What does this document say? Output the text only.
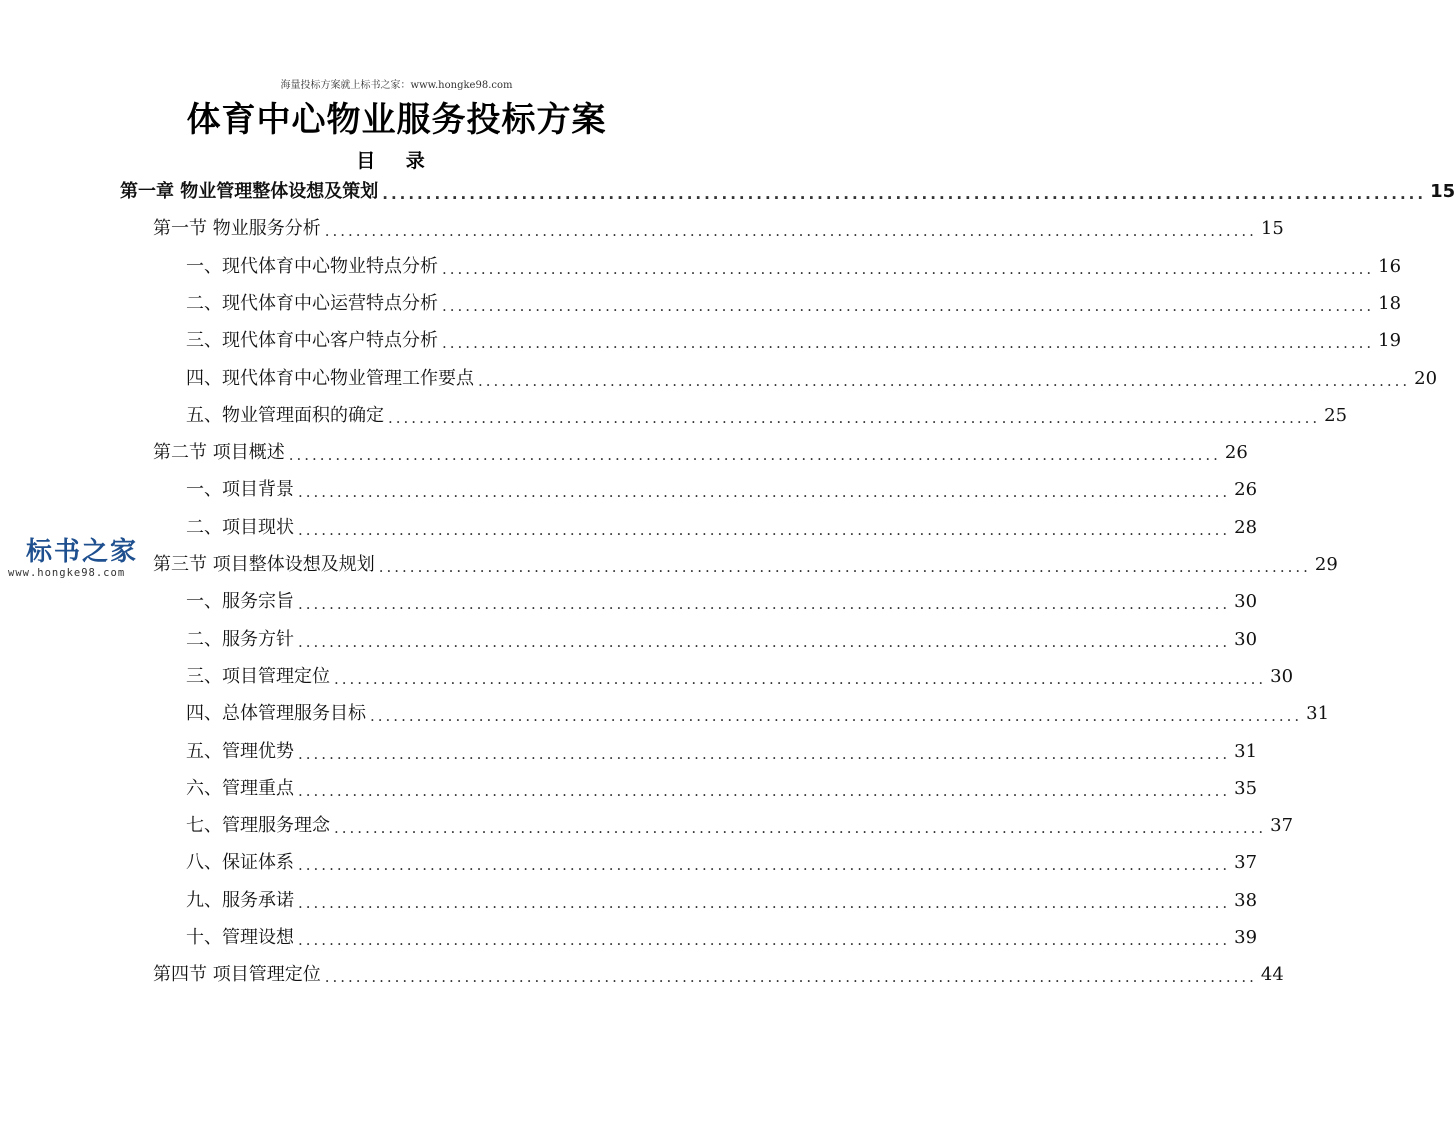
海量投标方案就上标书之家：www.hongke98.com
体育中心物业服务投标方案
目 录
第一章 物业管理整体设想及策划 ........................................................................................................................ 15
第一节 物业服务分析 ........................................................................................................................ 15
一、现代体育中心物业特点分析 ........................................................................................................................ 16
二、现代体育中心运营特点分析 ........................................................................................................................ 18
三、现代体育中心客户特点分析 ........................................................................................................................ 19
四、现代体育中心物业管理工作要点 ........................................................................................................................ 20
五、物业管理面积的确定 ........................................................................................................................ 25
第二节 项目概述 ........................................................................................................................ 26
一、项目背景 ........................................................................................................................ 26
二、项目现状 ........................................................................................................................ 28
第三节 项目整体设想及规划 ........................................................................................................................ 29
一、服务宗旨 ........................................................................................................................ 30
二、服务方针 ........................................................................................................................ 30
三、项目管理定位 ........................................................................................................................ 30
四、总体管理服务目标 ........................................................................................................................ 31
五、管理优势 ........................................................................................................................ 31
六、管理重点 ........................................................................................................................ 35
七、管理服务理念 ........................................................................................................................ 37
八、保证体系 ........................................................................................................................ 37
九、服务承诺 ........................................................................................................................ 38
十、管理设想 ........................................................................................................................ 39
第四节 项目管理定位 ........................................................................................................................ 44
标书之家
www.hongke98.com
